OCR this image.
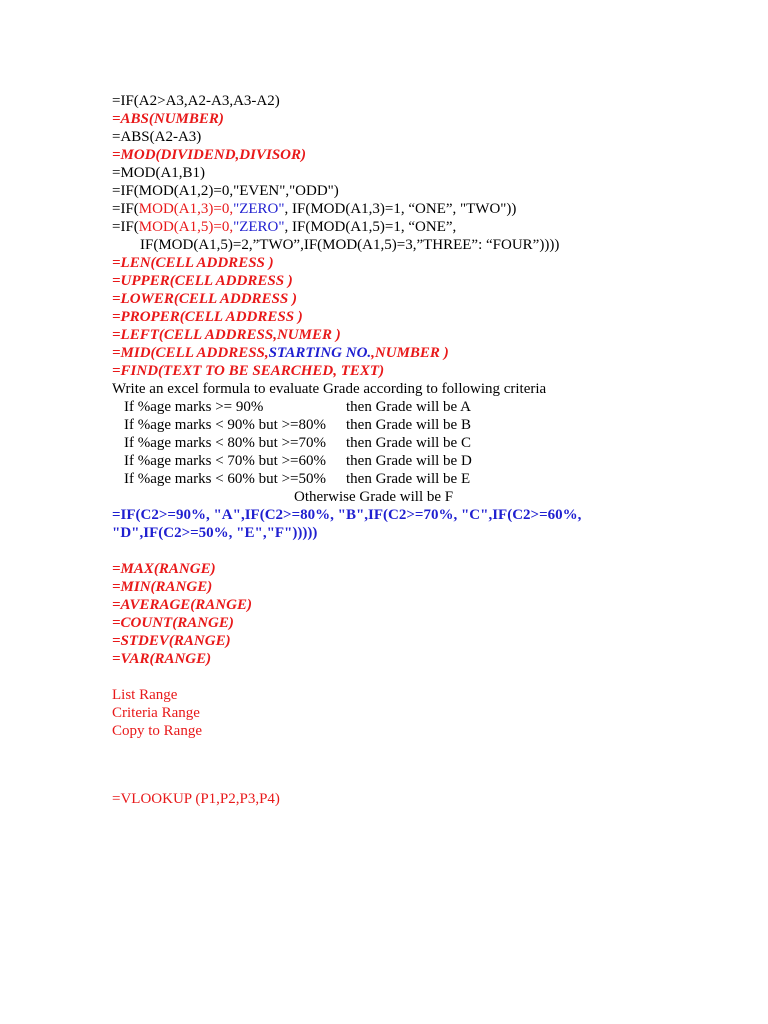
=IF(A2>A3,A2-A3,A3-A2)
=ABS(NUMBER)
=ABS(A2-A3)
=MOD(DIVIDEND,DIVISOR)
=MOD(A1,B1)
=IF(MOD(A1,2)=0,"EVEN","ODD")
=IF(MOD(A1,3)=0,"ZERO", IF(MOD(A1,3)=1, “ONE”, "TWO"))
=IF(MOD(A1,5)=0,"ZERO", IF(MOD(A1,5)=1, “ONE”,
IF(MOD(A1,5)=2,”TWO”,IF(MOD(A1,5)=3,”THREE”: “FOUR”))))
=LEN(CELL ADDRESS )
=UPPER(CELL ADDRESS )
=LOWER(CELL ADDRESS )
=PROPER(CELL ADDRESS )
=LEFT(CELL ADDRESS,NUMER )
=MID(CELL ADDRESS,STARTING NO.,NUMBER )
=FIND(TEXT TO BE SEARCHED, TEXT)
Write an excel formula to evaluate Grade according to following criteria
If %age marks >= 90%	then Grade will be A
If %age marks < 90% but >=80%	then Grade will be B
If %age marks < 80% but >=70%	then Grade will be C
If %age marks < 70% but >=60%	then Grade will be D
If %age marks < 60% but >=50%	then Grade will be E
Otherwise Grade will be F
=IF(C2>=90%, "A",IF(C2>=80%, "B",IF(C2>=70%, "C",IF(C2>=60%,
"D",IF(C2>=50%, "E","F")))))
=MAX(RANGE)
=MIN(RANGE)
=AVERAGE(RANGE)
=COUNT(RANGE)
=STDEV(RANGE)
=VAR(RANGE)
List Range
Criteria Range
Copy to Range
=VLOOKUP (P1,P2,P3,P4)
